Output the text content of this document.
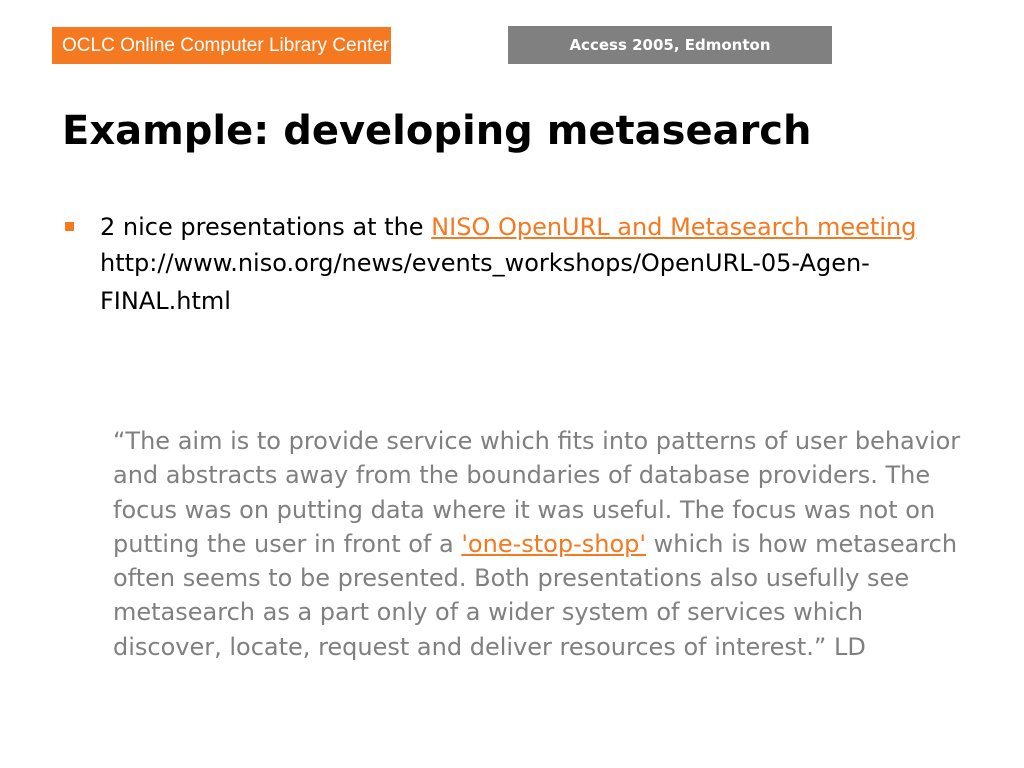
OCLC Online Computer Library Center	Access 2005, Edmonton
Example: developing metasearch
2 nice presentations at the NISO OpenURL and Metasearch meeting
http://www.niso.org/news/events_workshops/OpenURL-05-Agen-FINAL.html
“The aim is to provide service which fits into patterns of user behavior and abstracts away from the boundaries of database providers. The focus was on putting data where it was useful. The focus was not on putting the user in front of a 'one-stop-shop' which is how metasearch often seems to be presented. Both presentations also usefully see metasearch as a part only of a wider system of services which discover, locate, request and deliver resources of interest.” LD
